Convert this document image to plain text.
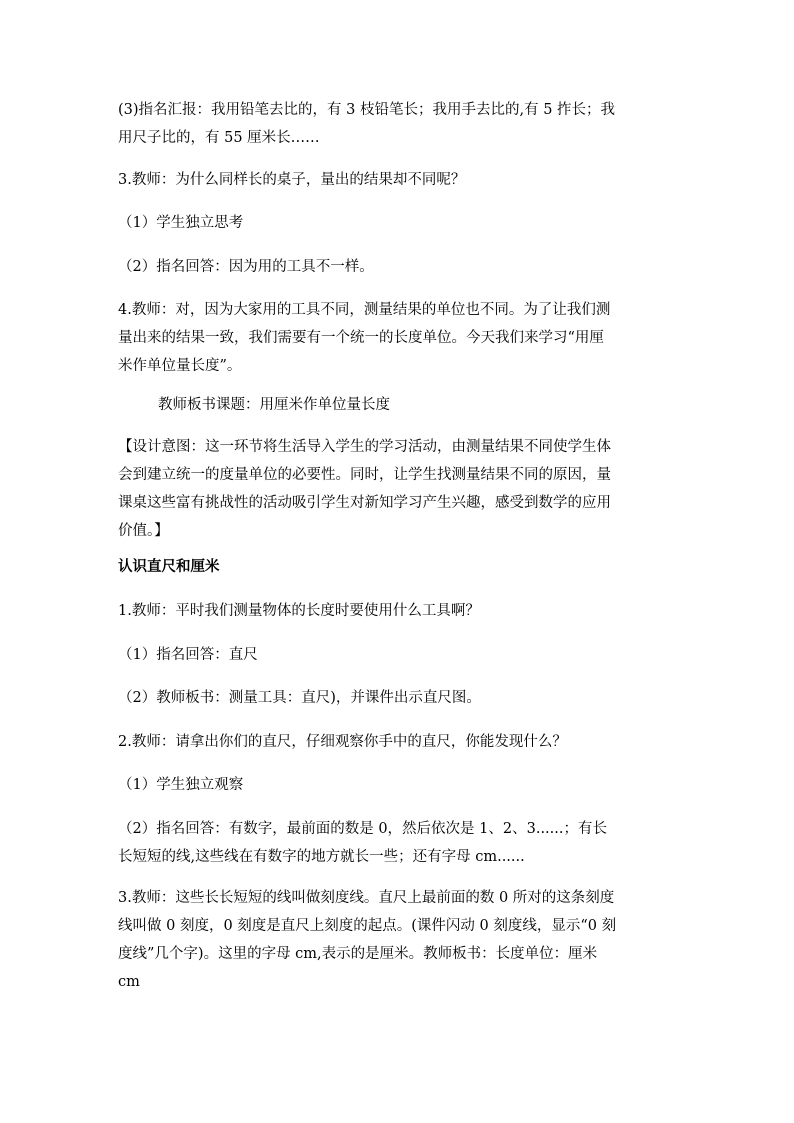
(3)指名汇报：我用铅笔去比的，有 3 枝铅笔长；我用手去比的,有 5 拃长；我
用尺子比的，有 55 厘米长……

3.教师：为什么同样长的桌子，量出的结果却不同呢？

（1）学生独立思考

（2）指名回答：因为用的工具不一样。

4.教师：对，因为大家用的工具不同，测量结果的单位也不同。为了让我们测
量出来的结果一致，我们需要有一个统一的长度单位。今天我们来学习“用厘
米作单位量长度”。

教师板书课题：用厘米作单位量长度

【设计意图：这一环节将生活导入学生的学习活动，由测量结果不同使学生体
会到建立统一的度量单位的必要性。同时，让学生找测量结果不同的原因，量
课桌这些富有挑战性的活动吸引学生对新知学习产生兴趣，感受到数学的应用
价值。】

认识直尺和厘米

1.教师：平时我们测量物体的长度时要使用什么工具啊？

（1）指名回答：直尺

（2）教师板书：测量工具：直尺)，并课件出示直尺图。

2.教师：请拿出你们的直尺，仔细观察你手中的直尺，你能发现什么？

（1）学生独立观察

（2）指名回答：有数字，最前面的数是 0，然后依次是 1、2、3......；有长
长短短的线,这些线在有数字的地方就长一些；还有字母 cm......

3.教师：这些长长短短的线叫做刻度线。直尺上最前面的数 0 所对的这条刻度
线叫做 0 刻度，0 刻度是直尺上刻度的起点。(课件闪动 0 刻度线，显示“0 刻
度线”几个字)。这里的字母 cm,表示的是厘米。教师板书：长度单位：厘米
cm
